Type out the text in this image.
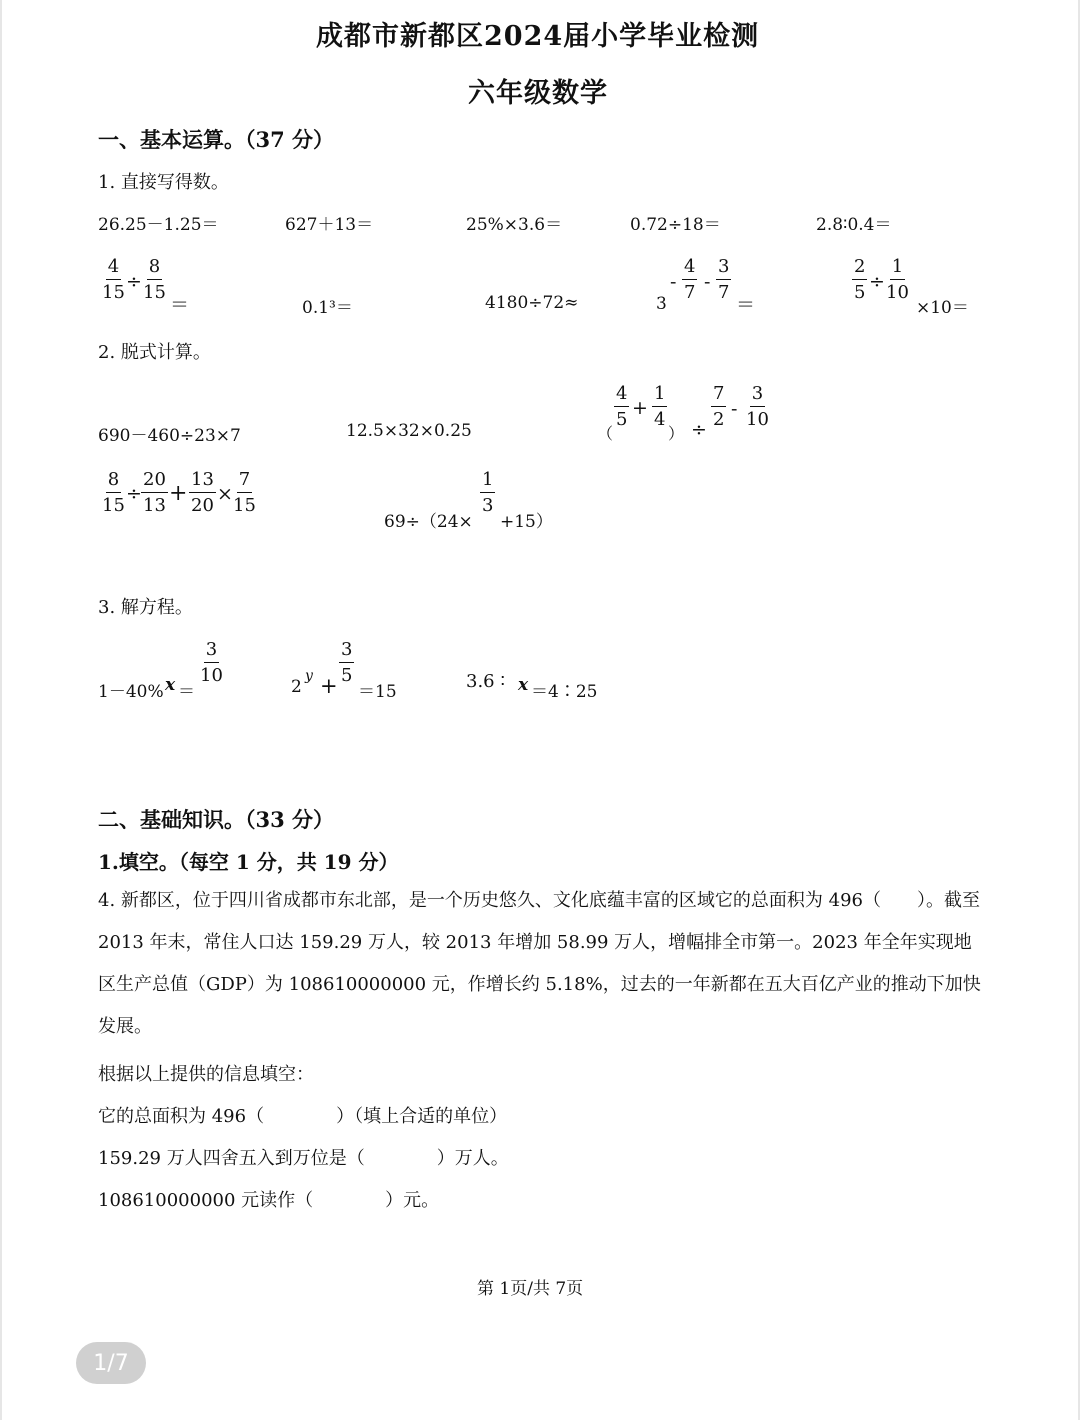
成都市新都区2024届小学毕业检测
六年级数学
一、基本运算。（37 分）
1. 直接写得数。
26.25－1.25＝	627＋13＝	25%×3.6＝	0.72÷18＝	2.8∶0.4＝
$\frac{4}{15} \div \frac{8}{15}$
＝	0.1³＝	4180÷72≈	3
- $\frac{4}{7} - \frac{3}{7}$
＝
$\frac{2}{5} \div \frac{1}{10}$
×10＝
2. 脱式计算。
690－460÷23×7	12.5×32×0.25	（
$\frac{4}{5} + \frac{1}{4}$
） ÷
$\frac{7}{2} - \frac{3}{10}$
$\frac{8}{15} \div \frac{20}{13} + \frac{13}{20}$ ×
$\frac{7}{15}$
69÷（24×
$\frac{1}{3}$
+15）
3. 解方程。
1－40% x ＝
$\frac{3}{10}$
2
y +
$\frac{3}{5}$
＝15	3.6 ∶ x ＝4∶25
二、基础知识。（33 分）
1.填空。（每空 1 分，共 19 分）
4. 新都区，位于四川省成都市东北部，是一个历史悠久、文化底蕴丰富的区域它的总面积为 496（　　）。截至 2013 年末，常住人口达 159.29 万人，较 2013 年增加 58.99 万人，增幅排全市第一。2023 年全年实现地区生产总值（GDP）为 108610000000 元，作增长约 5.18%，过去的一年新都在五大百亿产业的推动下加快发展。
根据以上提供的信息填空：
它的总面积为 496（　　　　）（填上合适的单位）
159.29 万人四舍五入到万位是（　　　　）万人。
108610000000 元读作（　　　　）元。
第 1页/共 7页
1/7
